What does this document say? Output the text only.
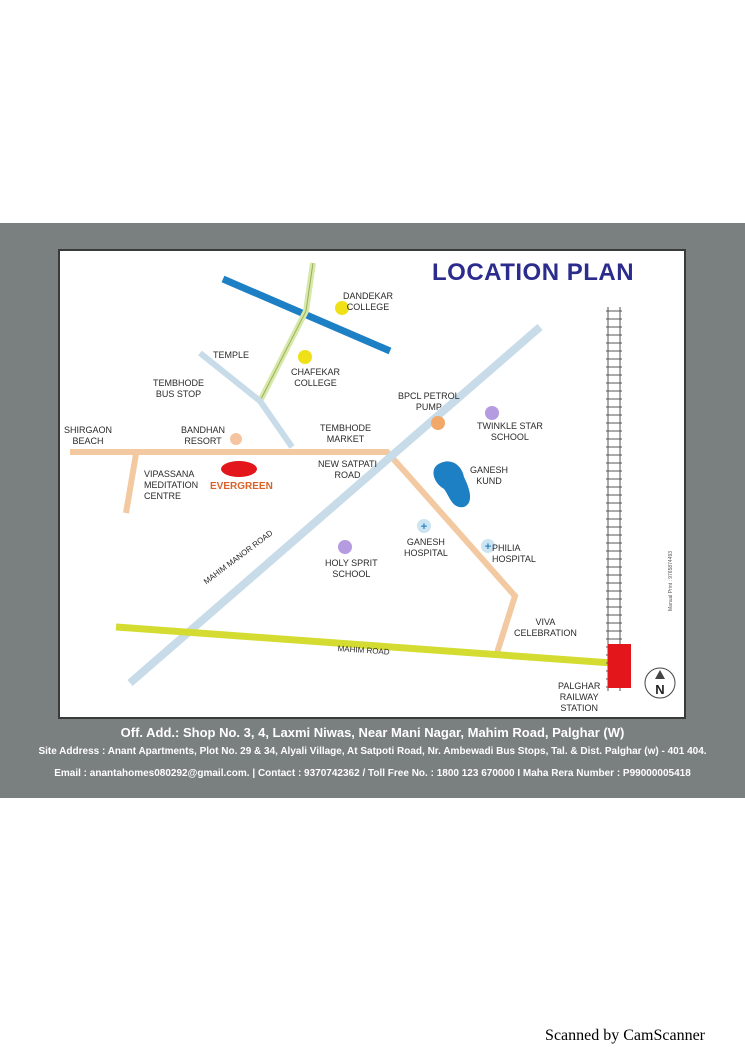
+
+
N
LOCATION PLAN
EVERGREEN
DANDEKAR
COLLEGE
TEMPLE
CHAFEKAR
COLLEGE
TEMBHODE
BUS STOP	BPCL PETROL
PUMP
TWINKLE STAR
SCHOOL
SHIRGAON
BEACH
BANDHAN
RESORT
TEMBHODE
MARKET
NEW SATPATI
ROAD	GANESH
KUND
VIPASSANA
MEDITATION
CENTRE
GANESH
HOSPITAL	PHILIA
HOSPITAL
HOLY SPRIT
SCHOOL
VIVA
CELEBRATION
PALGHAR
RAILWAY
STATION
MAHIM MANOR ROAD
MAHIM ROAD
Manual Print : 9765874493
Off. Add.: Shop No. 3, 4, Laxmi Niwas, Near Mani Nagar, Mahim Road, Palghar (W)
Site Address : Anant Apartments, Plot No. 29 & 34, Alyali Village, At Satpoti Road, Nr. Ambewadi Bus Stops, Tal. & Dist. Palghar (w) - 401 404.
Email : anantahomes080292@gmail.com. | Contact : 9370742362 / Toll Free No. : 1800 123 670000 I Maha Rera Number : P99000005418
Scanned by CamScanner
